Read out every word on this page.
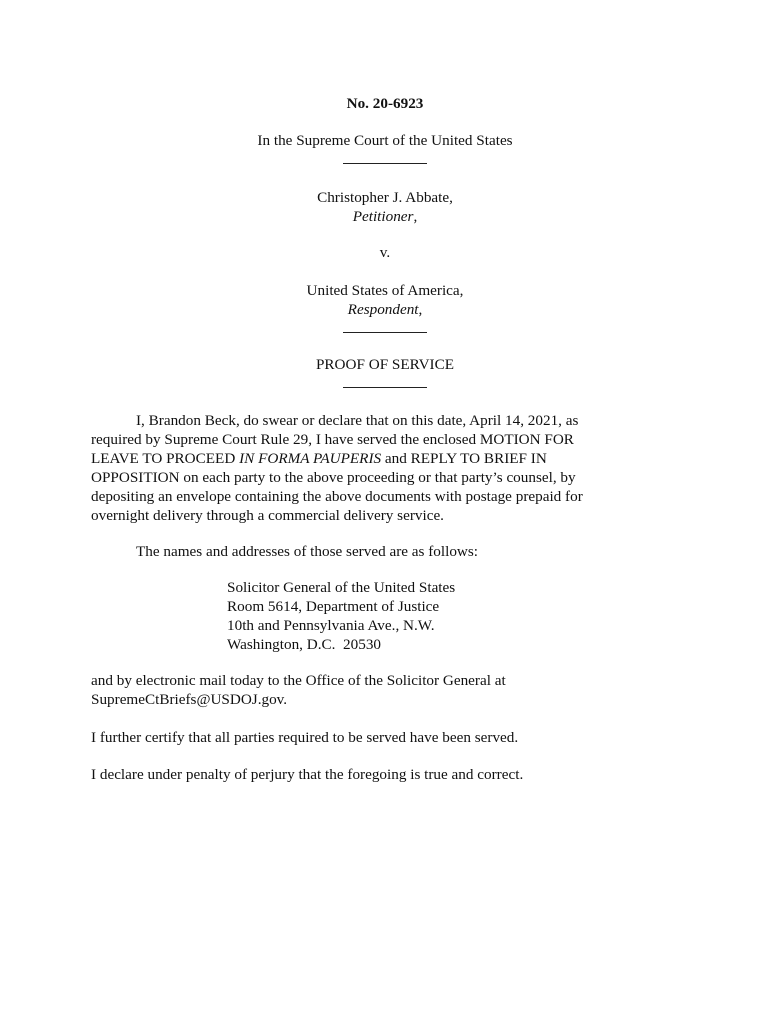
No. 20-6923
In the Supreme Court of the United States
Christopher J. Abbate,
Petitioner,
v.
United States of America,
Respondent,
PROOF OF SERVICE
I, Brandon Beck, do swear or declare that on this date, April 14, 2021, as
required by Supreme Court Rule 29, I have served the enclosed MOTION FOR
LEAVE TO PROCEED IN FORMA PAUPERIS and REPLY TO BRIEF IN
OPPOSITION on each party to the above proceeding or that party’s counsel, by
depositing an envelope containing the above documents with postage prepaid for
overnight delivery through a commercial delivery service.
The names and addresses of those served are as follows:
Solicitor General of the United States
Room 5614, Department of Justice
10th and Pennsylvania Ave., N.W.
Washington, D.C.  20530
and by electronic mail today to the Office of the Solicitor General at
SupremeCtBriefs@USDOJ.gov.
I further certify that all parties required to be served have been served.
I declare under penalty of perjury that the foregoing is true and correct.
